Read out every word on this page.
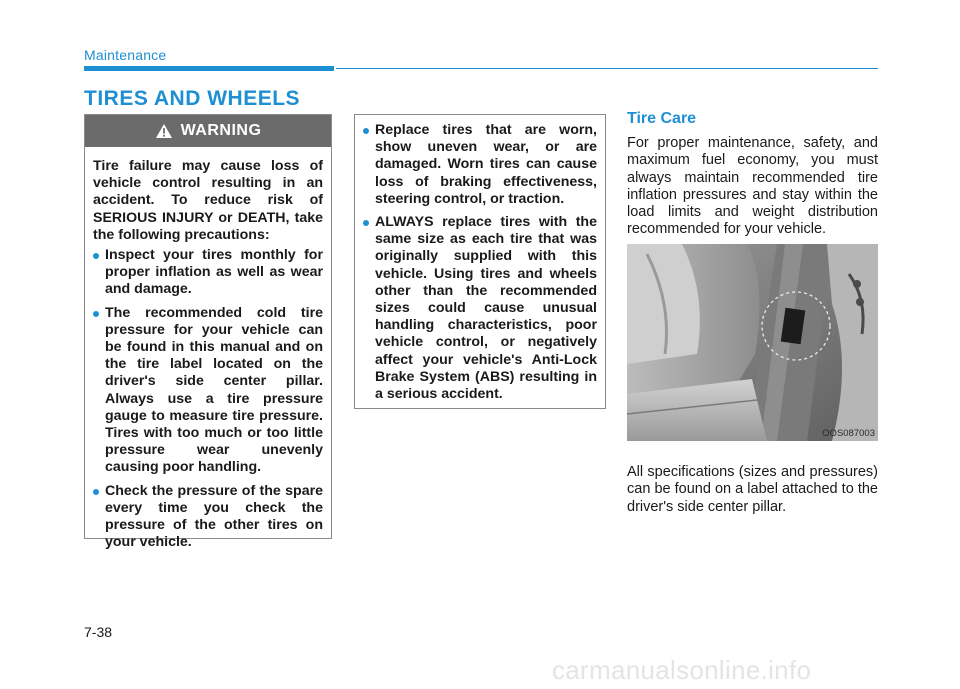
Maintenance
TIRES AND WHEELS
WARNING

Tire failure may cause loss of vehicle control resulting in an accident. To reduce risk of SERIOUS INJURY or DEATH, take the following precautions:

Inspect your tires monthly for proper inflation as well as wear and damage.
The recommended cold tire pressure for your vehicle can be found in this manual and on the tire label located on the driver's side center pillar. Always use a tire pressure gauge to measure tire pressure. Tires with too much or too little pressure wear unevenly causing poor handling.
Check the pressure of the spare every time you check the pressure of the other tires on your vehicle.
Replace tires that are worn, show uneven wear, or are damaged. Worn tires can cause loss of braking effectiveness, steering control, or traction.
ALWAYS replace tires with the same size as each tire that was originally supplied with this vehicle. Using tires and wheels other than the recommended sizes could cause unusual handling characteristics, poor vehicle control, or negatively affect your vehicle's Anti-Lock Brake System (ABS) resulting in a serious accident.
Tire Care

For proper maintenance, safety, and maximum fuel economy, you must always maintain recommended tire inflation pressures and stay within the load limits and weight distribution recommended for your vehicle.

OOS087003

All specifications (sizes and pressures) can be found on a label attached to the driver's side center pillar.

7-38
carmanualsonline.info
